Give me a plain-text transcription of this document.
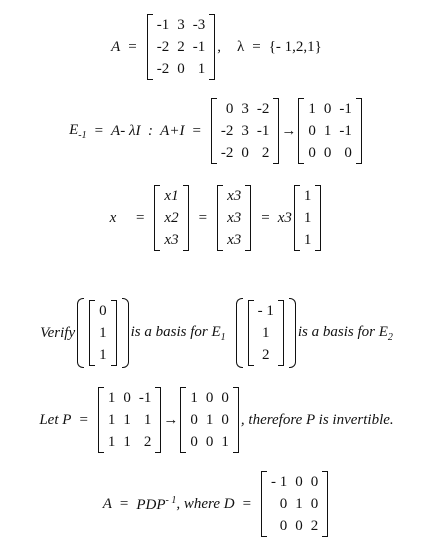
A =
-1
-2
-2
3
2
0
-3
-1
1
, λ = {- 1,2,1}
$E_{-1} = A-$ λI  :  A+I =
0
-2
-2
3
3
0
-2
-1
2
→
1
0
0
0
1
0
-1
-1
0
x⃗ =
x1
x2
x3
=
x3
x3
x3
= x3
1
1
1
Verify
0
1
1
is a basis for $E_1$
- 1
1
2
is a basis for $E_2$
Let P =
1
1
1
0
1
1
-1
1
2
→
1
0
0
0
1
0
0
0
1
, therefore P is invertible.
$A = PDP^{- 1}$ , where D =
- 1
0
0
0
1
0
0
0
2
